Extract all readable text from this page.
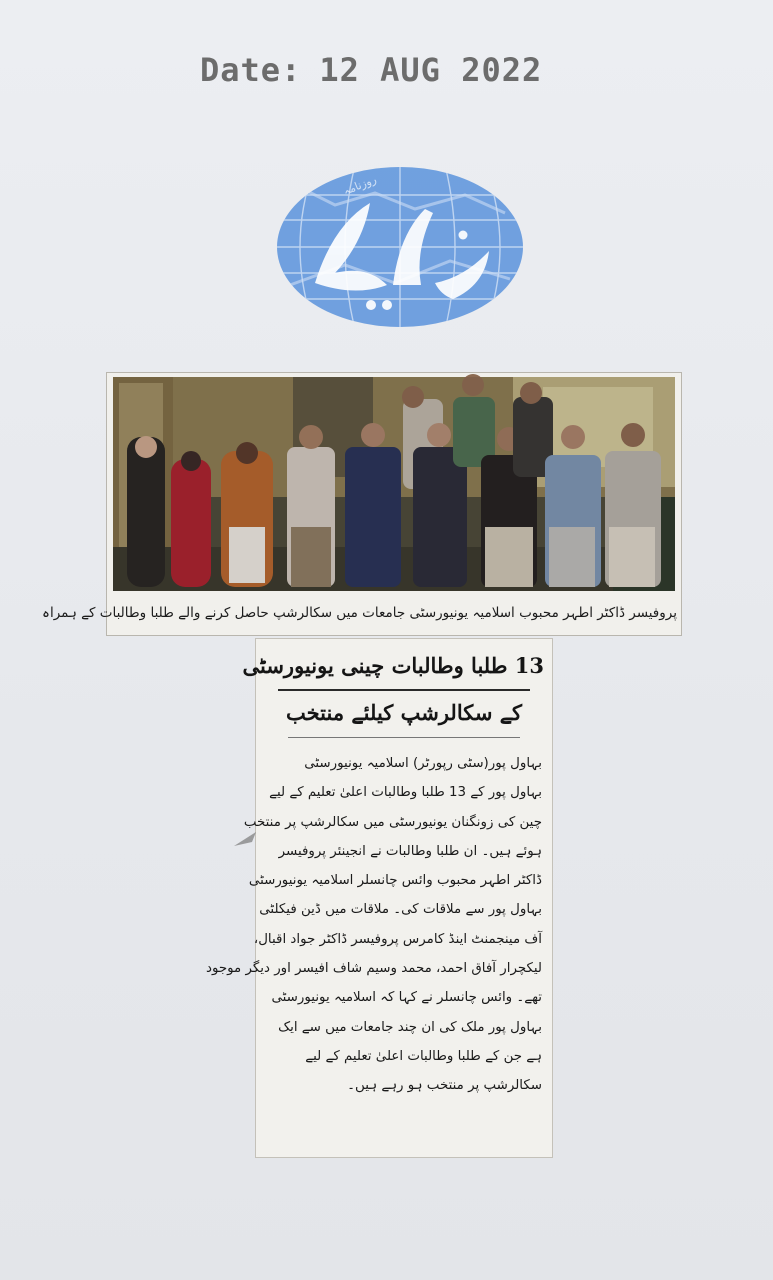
Date: 12 AUG 2022
روزنامہ
پروفیسر ڈاکٹر اطہر محبوب اسلامیہ یونیورسٹی جامعات میں سکالرشپ حاصل کرنے والے طلبا وطالبات کے ہمراہ
13 طلبا وطالبات چینی یونیورسٹی
کے سکالرشپ کیلئے منتخب
بہاول پور(سٹی رپورٹر) اسلامیہ یونیورسٹی
بہاول پور کے 13 طلبا وطالبات اعلیٰ تعلیم کے لیے
چین کی زونگنان یونیورسٹی میں سکالرشپ پر منتخب
ہوئے ہیں۔ ان طلبا وطالبات نے انجینئر پروفیسر
ڈاکٹر اطہر محبوب وائس چانسلر اسلامیہ یونیورسٹی
بہاول پور سے ملاقات کی۔ ملاقات میں ڈین فیکلٹی
آف مینجمنٹ اینڈ کامرس پروفیسر ڈاکٹر جواد اقبال،
لیکچرار آفاق احمد، محمد وسیم شاف افیسر اور دیگر موجود
تھے۔ وائس چانسلر نے کہا کہ اسلامیہ یونیورسٹی
بہاول پور ملک کی ان چند جامعات میں سے ایک
ہے جن کے طلبا وطالبات اعلیٰ تعلیم کے لیے
سکالرشپ پر منتخب ہو رہے ہیں۔
